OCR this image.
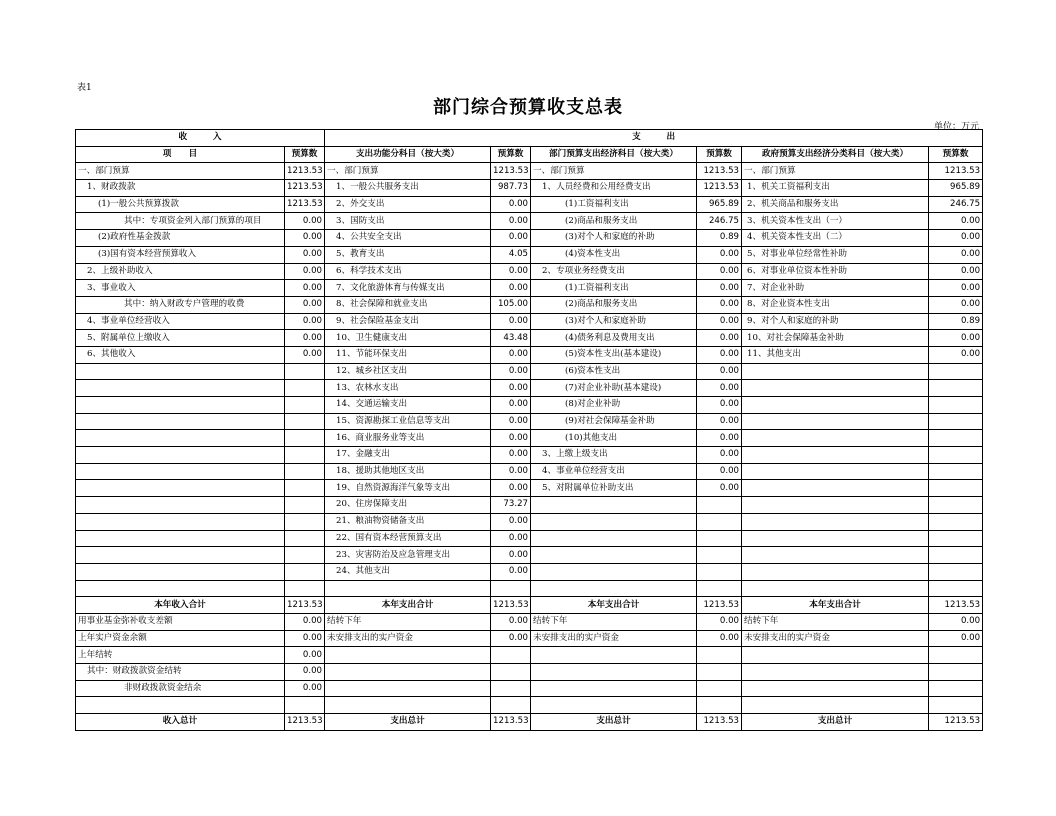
表1
部门综合预算收支总表
单位：万元
收　　　入		支　　　出					
项　　目	预算数	支出功能分科目（按大类）	预算数	部门预算支出经济科目（按大类）	预算数	政府预算支出经济分类科目（按大类）	预算数
一、部门预算	1213.53	一、部门预算	1213.53	一、部门预算	1213.53	一、部门预算	1213.53
1、财政拨款	1213.53	1、一般公共服务支出	987.73	1、人员经费和公用经费支出	1213.53	1、机关工资福利支出	965.89
(1)一般公共预算拨款	1213.53	2、外交支出	0.00	(1)工资福利支出	965.89	2、机关商品和服务支出	246.75
其中：专项资金列入部门预算的项目	0.00	3、国防支出	0.00	(2)商品和服务支出	246.75	3、机关资本性支出（一）	0.00
(2)政府性基金拨款	0.00	4、公共安全支出	0.00	(3)对个人和家庭的补助	0.89	4、机关资本性支出（二）	0.00
(3)国有资本经营预算收入	0.00	5、教育支出	4.05	(4)资本性支出	0.00	5、对事业单位经常性补助	0.00
2、上级补助收入	0.00	6、科学技术支出	0.00	2、专项业务经费支出	0.00	6、对事业单位资本性补助	0.00
3、事业收入	0.00	7、文化旅游体育与传媒支出	0.00	(1)工资福利支出	0.00	7、对企业补助	0.00
其中：纳入财政专户管理的收费	0.00	8、社会保障和就业支出	105.00	(2)商品和服务支出	0.00	8、对企业资本性支出	0.00
4、事业单位经营收入	0.00	9、社会保险基金支出	0.00	(3)对个人和家庭补助	0.00	9、对个人和家庭的补助	0.89
5、附属单位上缴收入	0.00	10、卫生健康支出	43.48	(4)债务利息及费用支出	0.00	10、对社会保障基金补助	0.00
6、其他收入	0.00	11、节能环保支出	0.00	(5)资本性支出(基本建设)	0.00	11、其他支出	0.00
		12、城乡社区支出	0.00	(6)资本性支出	0.00		
		13、农林水支出	0.00	(7)对企业补助(基本建设)	0.00		
		14、交通运输支出	0.00	(8)对企业补助	0.00		
		15、资源勘探工业信息等支出	0.00	(9)对社会保障基金补助	0.00		
		16、商业服务业等支出	0.00	(10)其他支出	0.00		
		17、金融支出	0.00	3、上缴上级支出	0.00		
		18、援助其他地区支出	0.00	4、事业单位经营支出	0.00		
		19、自然资源海洋气象等支出	0.00	5、对附属单位补助支出	0.00		
		20、住房保障支出	73.27				
		21、粮油物资储备支出	0.00				
		22、国有资本经营预算支出	0.00				
		23、灾害防治及应急管理支出	0.00				
		24、其他支出	0.00				

本年收入合计	1213.53	本年支出合计	1213.53	本年支出合计	1213.53	本年支出合计	1213.53
用事业基金弥补收支差额	0.00	结转下年	0.00	结转下年	0.00	结转下年	0.00
上年实户资金余额	0.00	未安排支出的实户资金	0.00	未安排支出的实户资金	0.00	未安排支出的实户资金	0.00
上年结转	0.00						
其中：财政拨款资金结转	0.00						
非财政拨款资金结余	0.00						

收入总计	1213.53	支出总计	1213.53	支出总计	1213.53	支出总计	1213.53
